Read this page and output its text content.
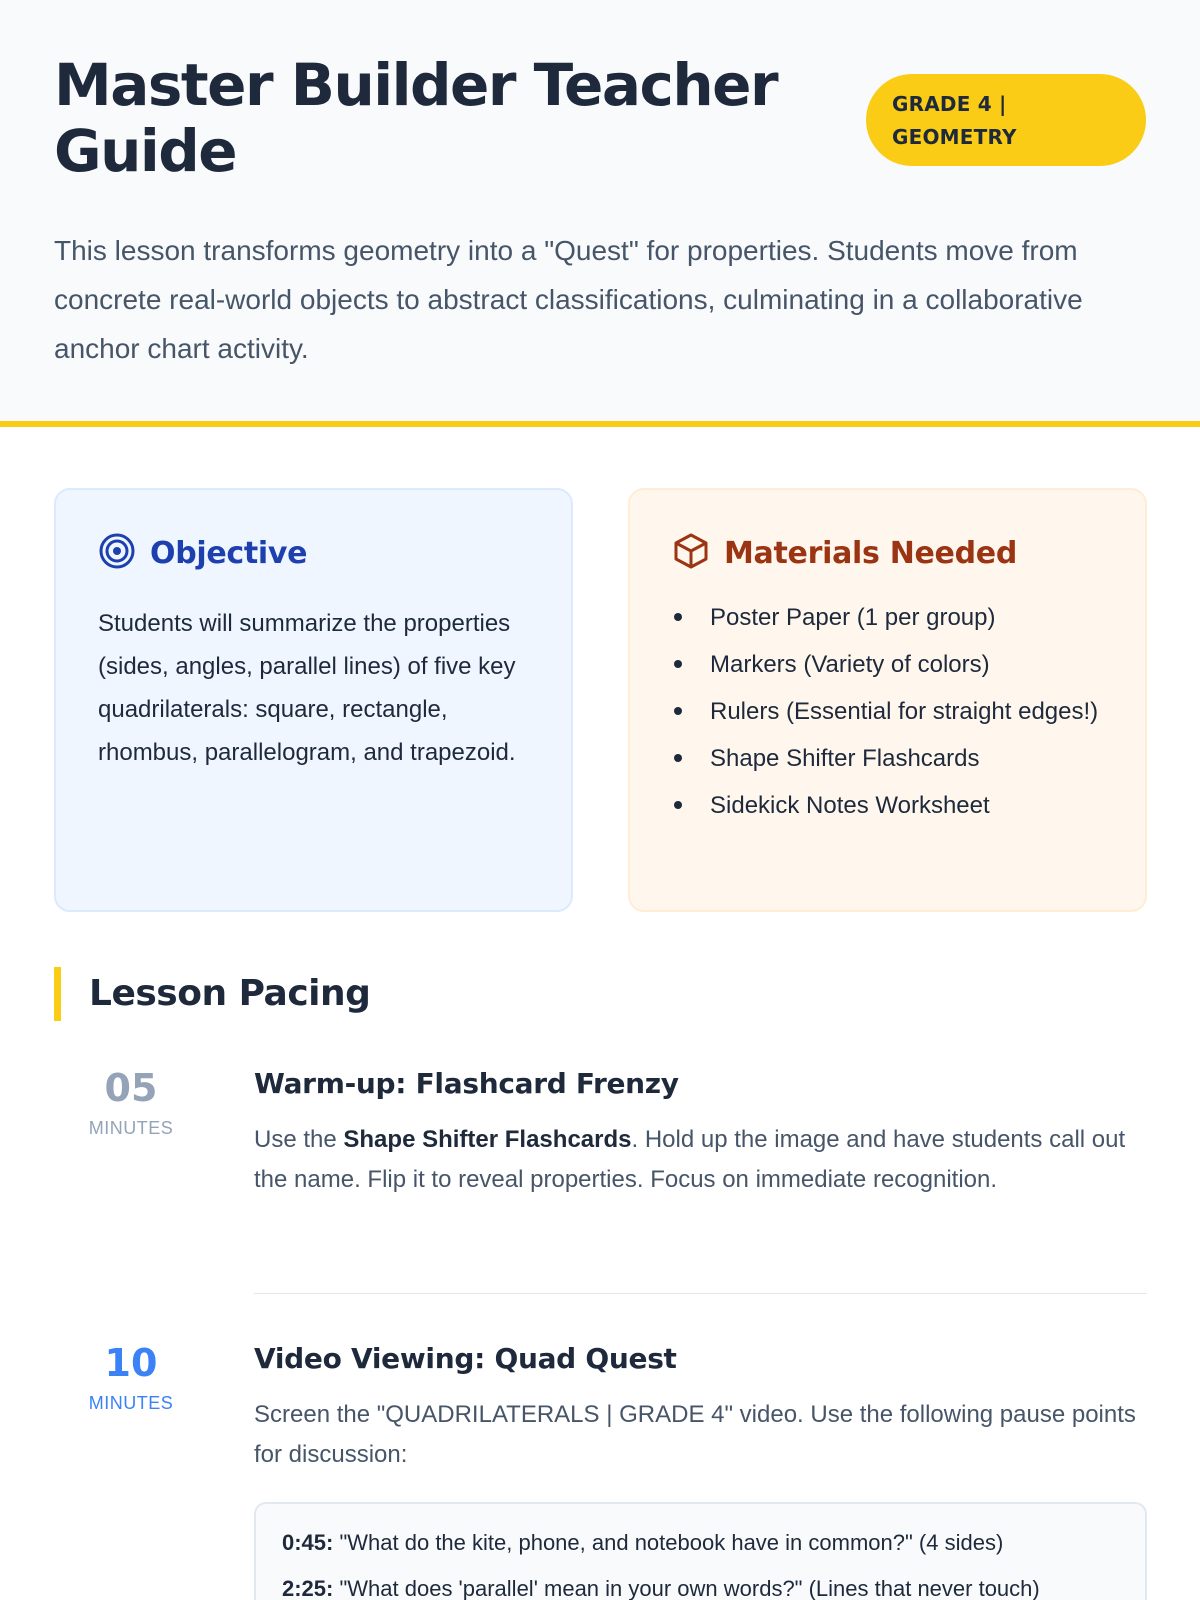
Master Builder Teacher Guide
GRADE 4 |
GEOMETRY

This lesson transforms geometry into a "Quest" for properties. Students move from concrete real-world objects to abstract classifications, culminating in a collaborative anchor chart activity.

Objective

Students will summarize the properties (sides, angles, parallel lines) of five key quadrilaterals: square, rectangle, rhombus, parallelogram, and trapezoid.

Materials Needed
Poster Paper (1 per group)
Markers (Variety of colors)
Rulers (Essential for straight edges!)
Shape Shifter Flashcards
Sidekick Notes Worksheet
Lesson Pacing
05
MINUTES
Warm-up: Flashcard Frenzy

Use the Shape Shifter Flashcards. Hold up the image and have students call out the name. Flip it to reveal properties. Focus on immediate recognition.

10
MINUTES
Video Viewing: Quad Quest

Screen the "QUADRILATERALS | GRADE 4" video. Use the following pause points for discussion:

0:45: "What do the kite, phone, and notebook have in common?" (4 sides)
2:25: "What does 'parallel' mean in your own words?" (Lines that never touch)
